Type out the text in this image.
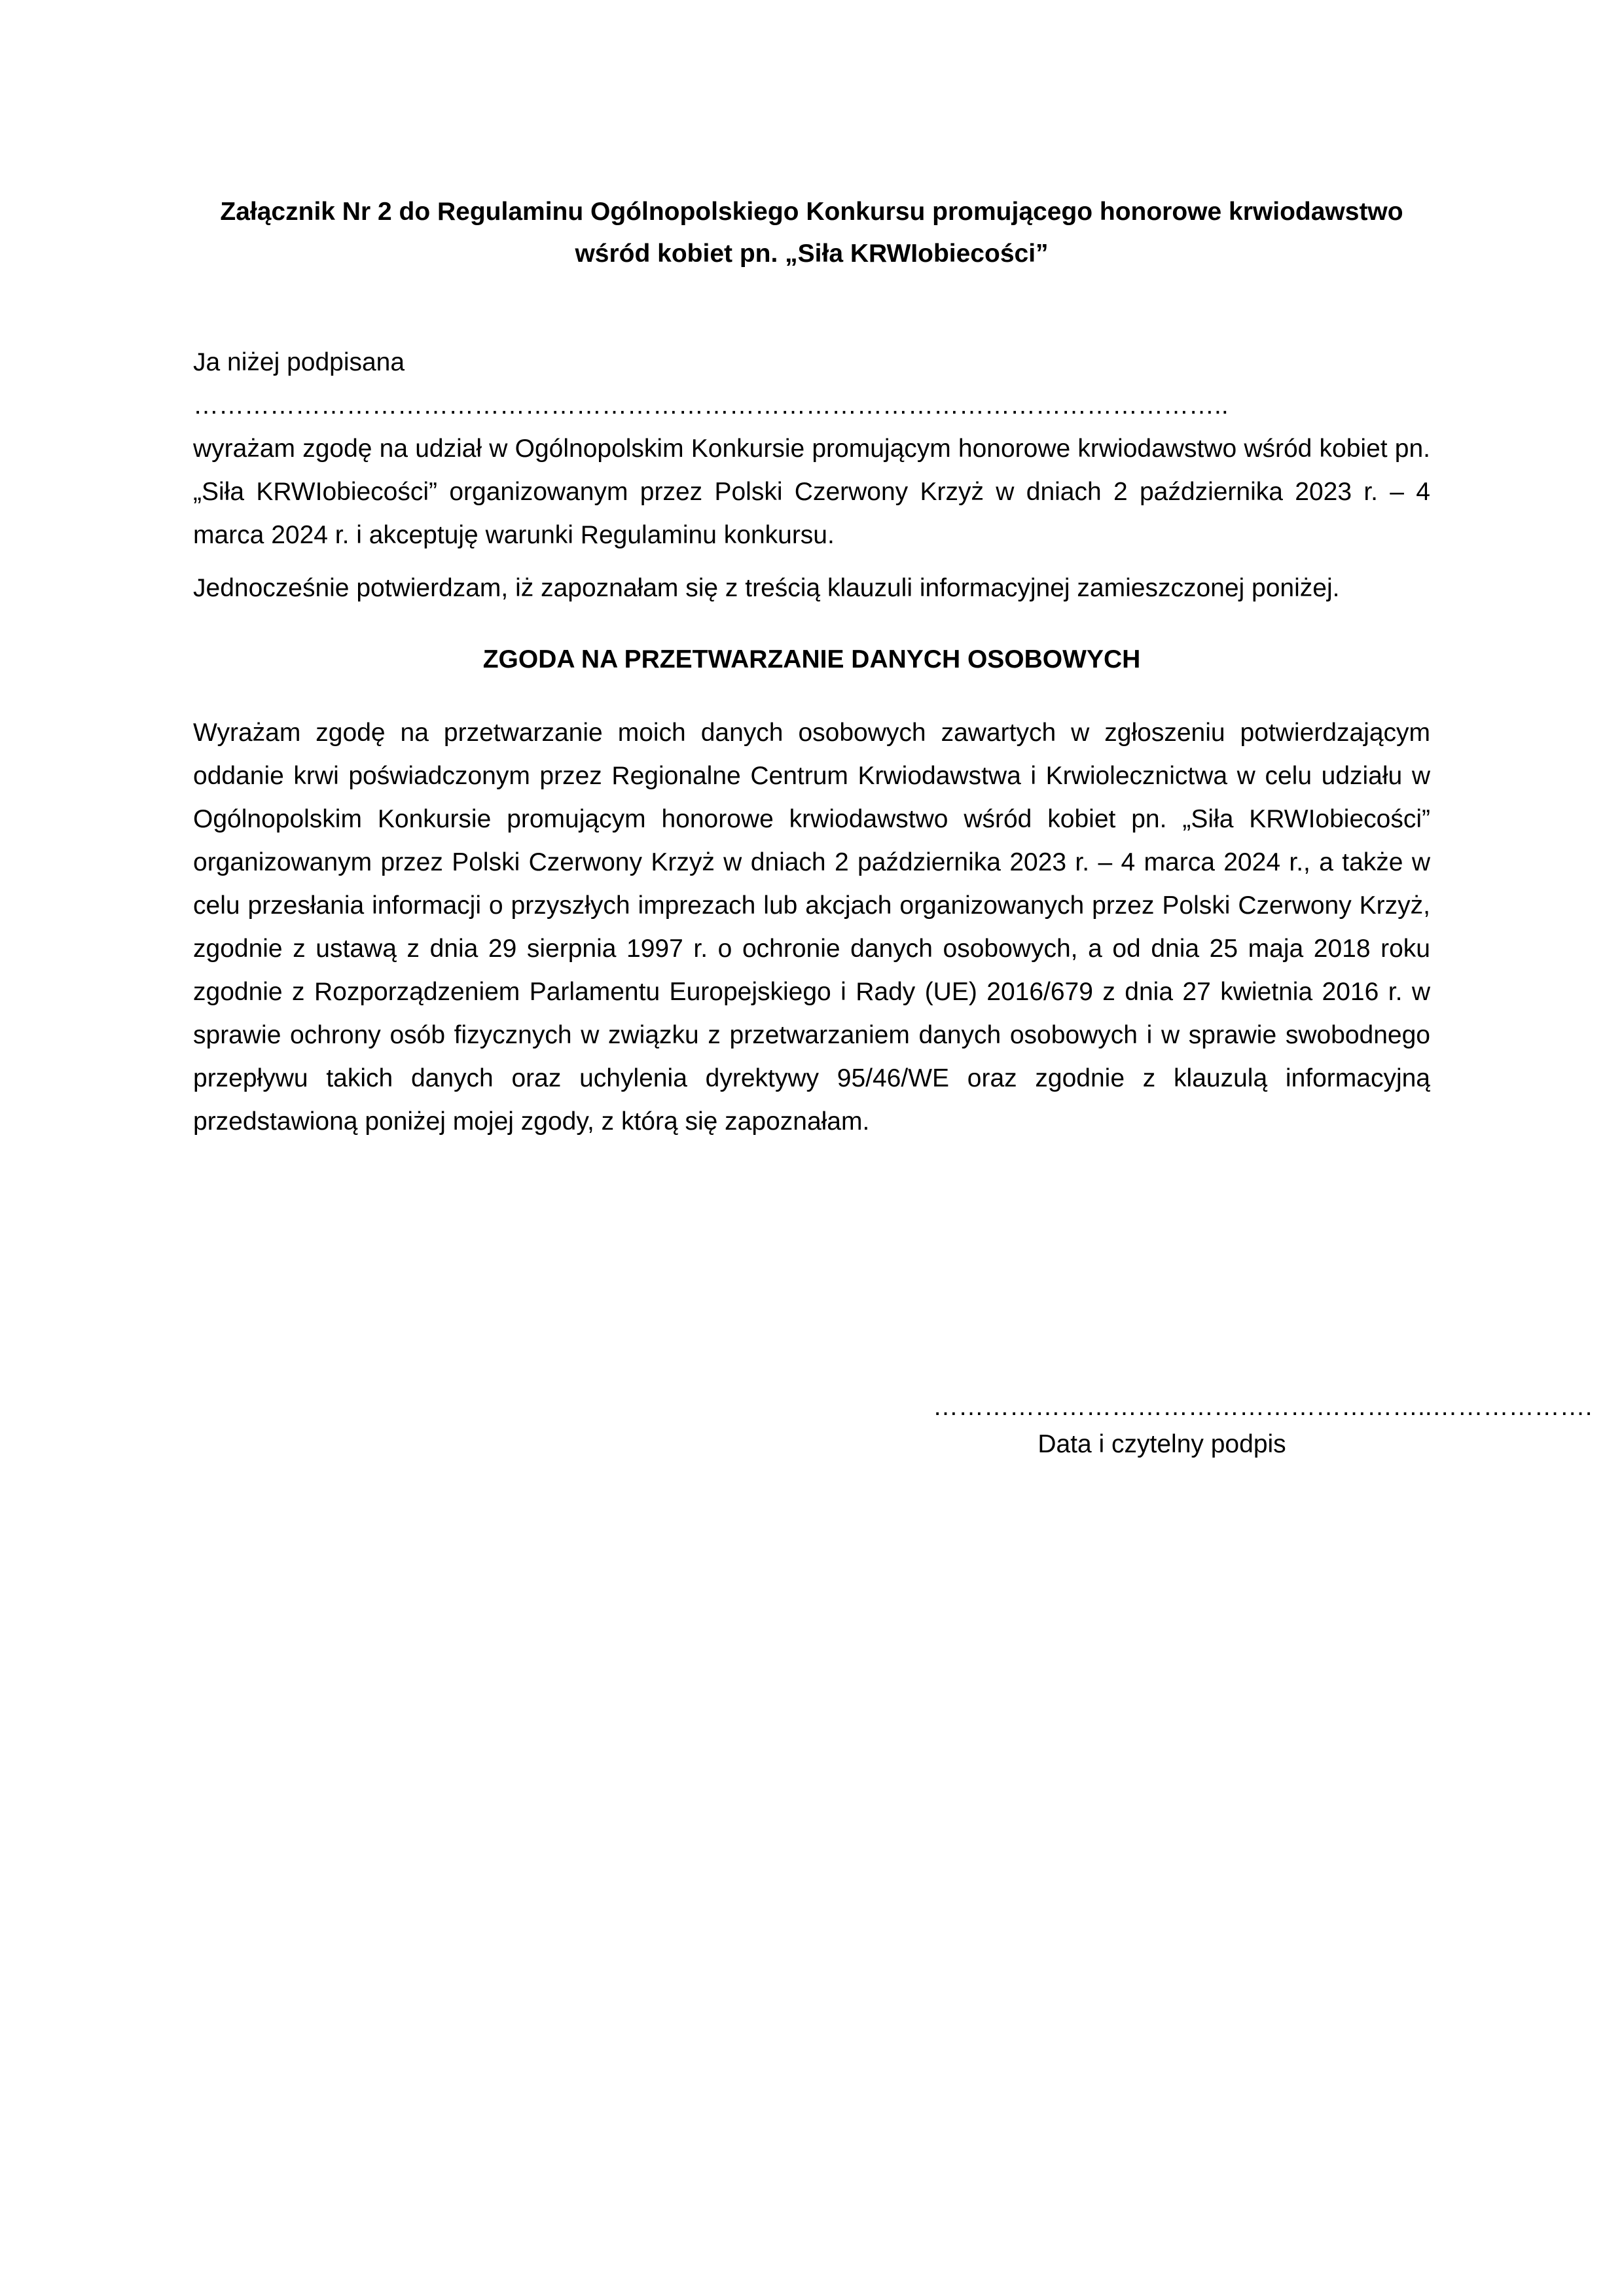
Załącznik Nr 2 do Regulaminu Ogólnopolskiego Konkursu promującego honorowe krwiodawstwo
wśród kobiet pn. „Siła KRWIobiecości”
Ja niżej podpisana …………………………………………………………………………………………………………..
wyrażam zgodę na udział w Ogólnopolskim Konkursie promującym honorowe krwiodawstwo wśród kobiet pn. „Siła KRWIobiecości” organizowanym przez Polski Czerwony Krzyż w dniach 2 października 2023 r. – 4 marca 2024 r. i akceptuję warunki Regulaminu konkursu.
Jednocześnie potwierdzam, iż zapoznałam się z treścią klauzuli informacyjnej zamieszczonej poniżej.
ZGODA NA PRZETWARZANIE DANYCH OSOBOWYCH
Wyrażam zgodę na przetwarzanie moich danych osobowych zawartych w zgłoszeniu potwierdzającym oddanie krwi poświadczonym przez Regionalne Centrum Krwiodawstwa i Krwiolecznictwa w celu udziału w Ogólnopolskim Konkursie promującym honorowe krwiodawstwo wśród kobiet pn. „Siła KRWIobiecości” organizowanym przez Polski Czerwony Krzyż w dniach 2 października 2023 r. – 4 marca 2024 r., a także w celu przesłania informacji o przyszłych imprezach lub akcjach organizowanych przez Polski Czerwony Krzyż, zgodnie z ustawą z dnia 29 sierpnia 1997 r. o ochronie danych osobowych, a od dnia 25 maja 2018 roku zgodnie z Rozporządzeniem Parlamentu Europejskiego i Rady (UE) 2016/679 z dnia 27 kwietnia 2016 r. w sprawie ochrony osób fizycznych w związku z przetwarzaniem danych osobowych i w sprawie swobodnego przepływu takich danych oraz uchylenia dyrektywy 95/46/WE oraz zgodnie z klauzulą informacyjną przedstawioną poniżej mojej zgody, z którą się zapoznałam.
…………………………………………………..……………….
Data i czytelny podpis
